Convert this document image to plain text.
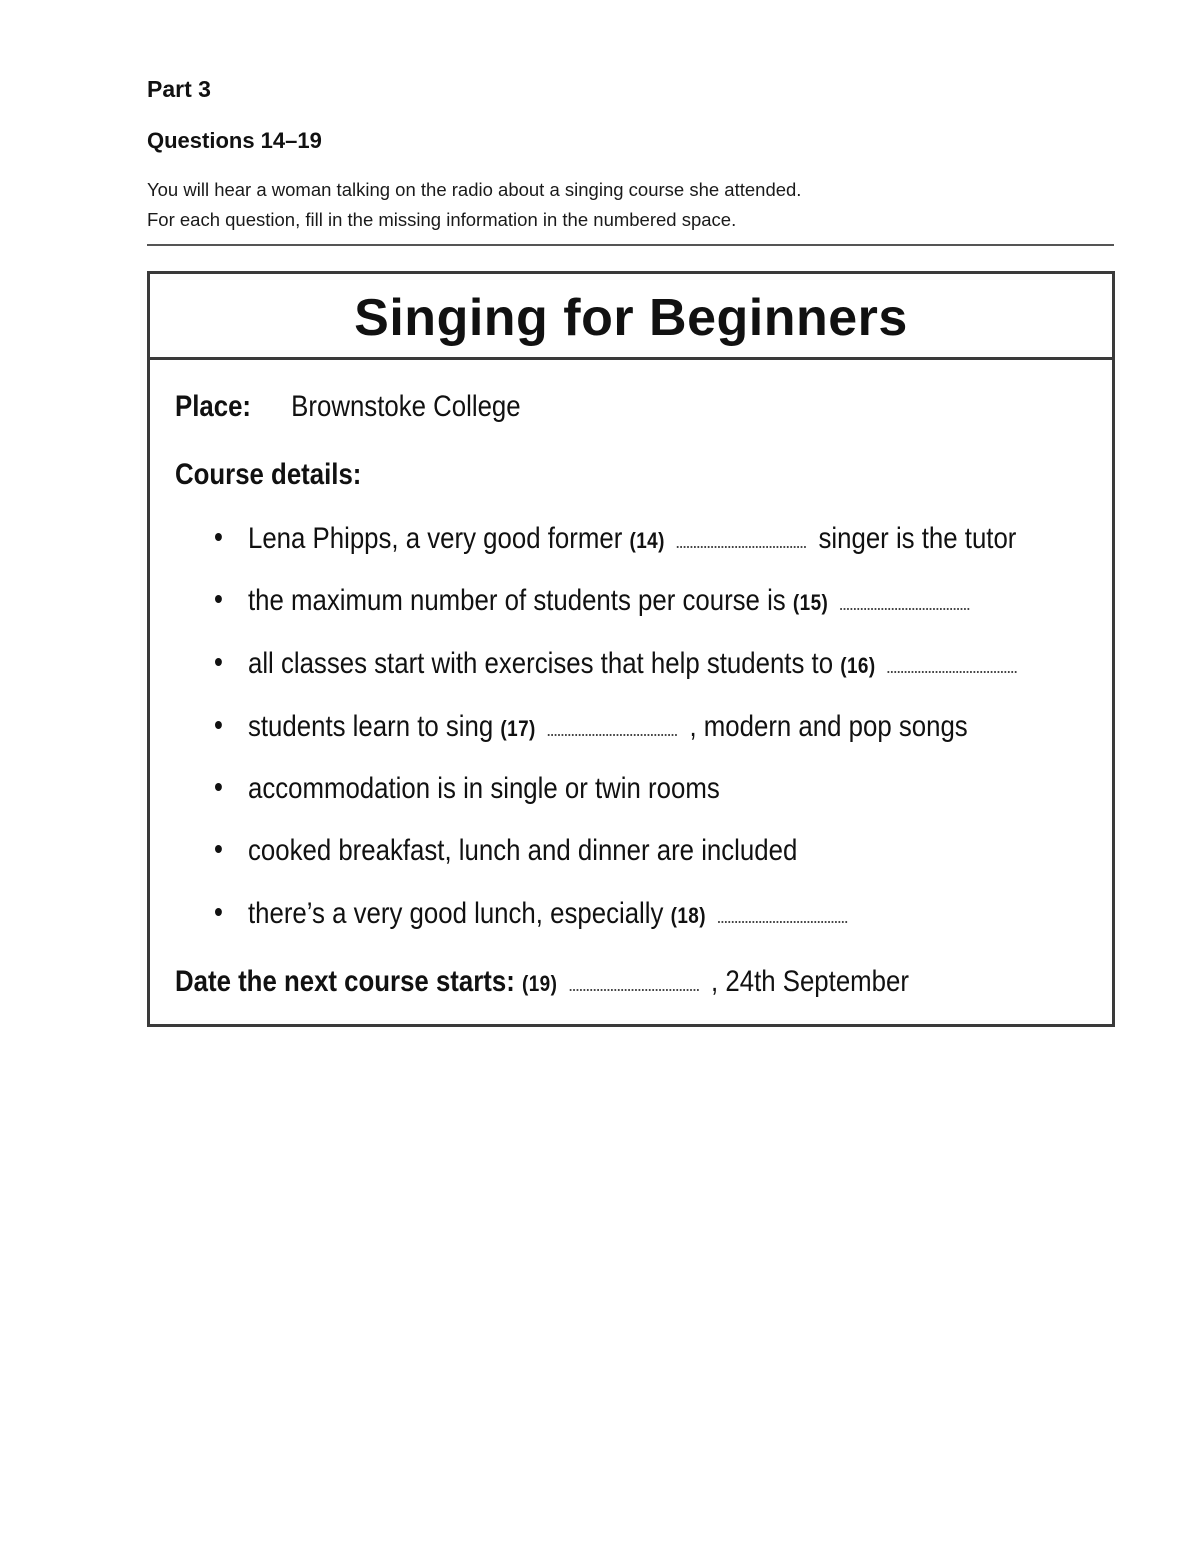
Part 3
Questions 14–19
You will hear a woman talking on the radio about a singing course she attended.
For each question, fill in the missing information in the numbered space.
Singing for Beginners
Place: Brownstoke College
Course details:
Lena Phipps, a very good former (14)	singer is the tutor
the maximum number of students per course is (15)
all classes start with exercises that help students to (16)
students learn to sing (17)	, modern and pop songs
accommodation is in single or twin rooms
cooked breakfast, lunch and dinner are included
there’s a very good lunch, especially (18)
Date the next course starts: (19)	, 24th September
